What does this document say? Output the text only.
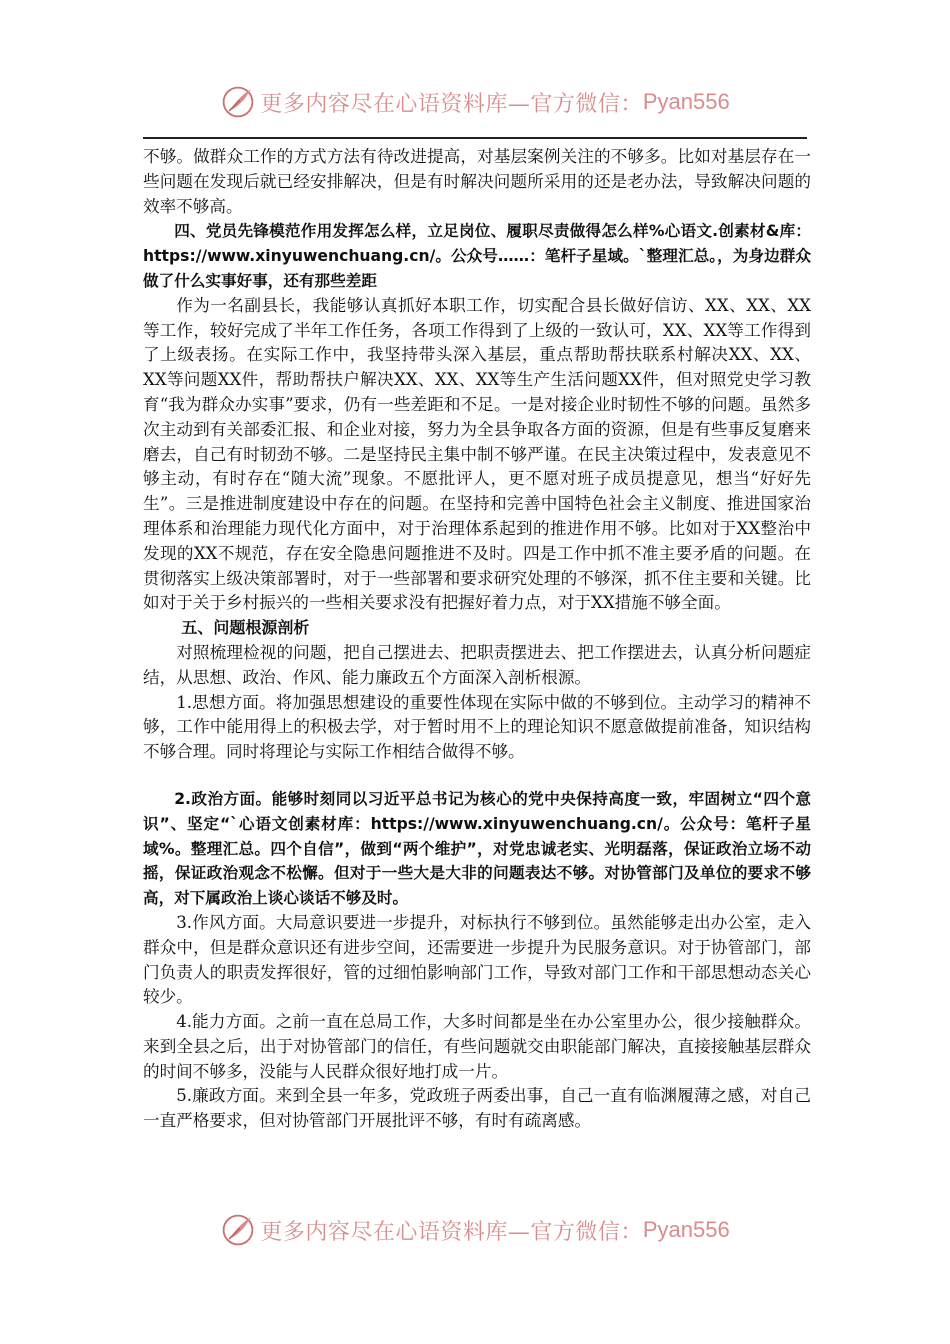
更多内容尽在心语资料库—官方微信： Pyan556

不够。做群众工作的方式方法有待改进提高，对基层案例关注的不够多。比如对基层存在一些问题在发现后就已经安排解决，但是有时解决问题所采用的还是老办法，导致解决问题的效率不够高。

四、党员先锋模范作用发挥怎么样，立足岗位、履职尽责做得怎么样%心语文.创素材&库：https://www.xinyuwenchuang.cn/。公众号……：笔杆子星域。`整理汇总。，为身边群众做了什么实事好事，还有那些差距

作为一名副县长，我能够认真抓好本职工作，切实配合县长做好信访、XX、XX、XX等工作，较好完成了半年工作任务，各项工作得到了上级的一致认可，XX、XX等工作得到了上级表扬。在实际工作中，我坚持带头深入基层，重点帮助帮扶联系村解决XX、XX、XX等问题XX件，帮助帮扶户解决XX、XX、XX等生产生活问题XX件，但对照党史学习教育“我为群众办实事”要求，仍有一些差距和不足。一是对接企业时韧性不够的问题。虽然多次主动到有关部委汇报、和企业对接，努力为全县争取各方面的资源，但是有些事反复磨来磨去，自己有时韧劲不够。二是坚持民主集中制不够严谨。在民主决策过程中，发表意见不够主动，有时存在“随大流”现象。不愿批评人，更不愿对班子成员提意见，想当“好好先生”。三是推进制度建设中存在的问题。在坚持和完善中国特色社会主义制度、推进国家治理体系和治理能力现代化方面中，对于治理体系起到的推进作用不够。比如对于XX整治中发现的XX不规范，存在安全隐患问题推进不及时。四是工作中抓不准主要矛盾的问题。在贯彻落实上级决策部署时，对于一些部署和要求研究处理的不够深，抓不住主要和关键。比如对于关于乡村振兴的一些相关要求没有把握好着力点，对于XX措施不够全面。

五、问题根源剖析

对照梳理检视的问题，把自己摆进去、把职责摆进去、把工作摆进去，认真分析问题症结，从思想、政治、作风、能力廉政五个方面深入剖析根源。

1.思想方面。将加强思想建设的重要性体现在实际中做的不够到位。主动学习的精神不够，工作中能用得上的积极去学，对于暂时用不上的理论知识不愿意做提前准备，知识结构不够合理。同时将理论与实际工作相结合做得不够。

2.政治方面。能够时刻同以习近平总书记为核心的党中央保持高度一致，牢固树立“四个意识”、坚定“`心语文创素材库：https://www.xinyuwenchuang.cn/。公众号：笔杆子星域%。整理汇总。四个自信”，做到“两个维护”，对党忠诚老实、光明磊落，保证政治立场不动摇，保证政治观念不松懈。但对于一些大是大非的问题表达不够。对协管部门及单位的要求不够高，对下属政治上谈心谈话不够及时。

3.作风方面。大局意识要进一步提升，对标执行不够到位。虽然能够走出办公室，走入群众中，但是群众意识还有进步空间，还需要进一步提升为民服务意识。对于协管部门，部门负责人的职责发挥很好，管的过细怕影响部门工作，导致对部门工作和干部思想动态关心较少。

4.能力方面。之前一直在总局工作，大多时间都是坐在办公室里办公，很少接触群众。来到全县之后，出于对协管部门的信任，有些问题就交由职能部门解决，直接接触基层群众的时间不够多，没能与人民群众很好地打成一片。

5.廉政方面。来到全县一年多，党政班子两委出事，自己一直有临渊履薄之感，对自己一直严格要求，但对协管部门开展批评不够，有时有疏离感。

更多内容尽在心语资料库—官方微信： Pyan556
